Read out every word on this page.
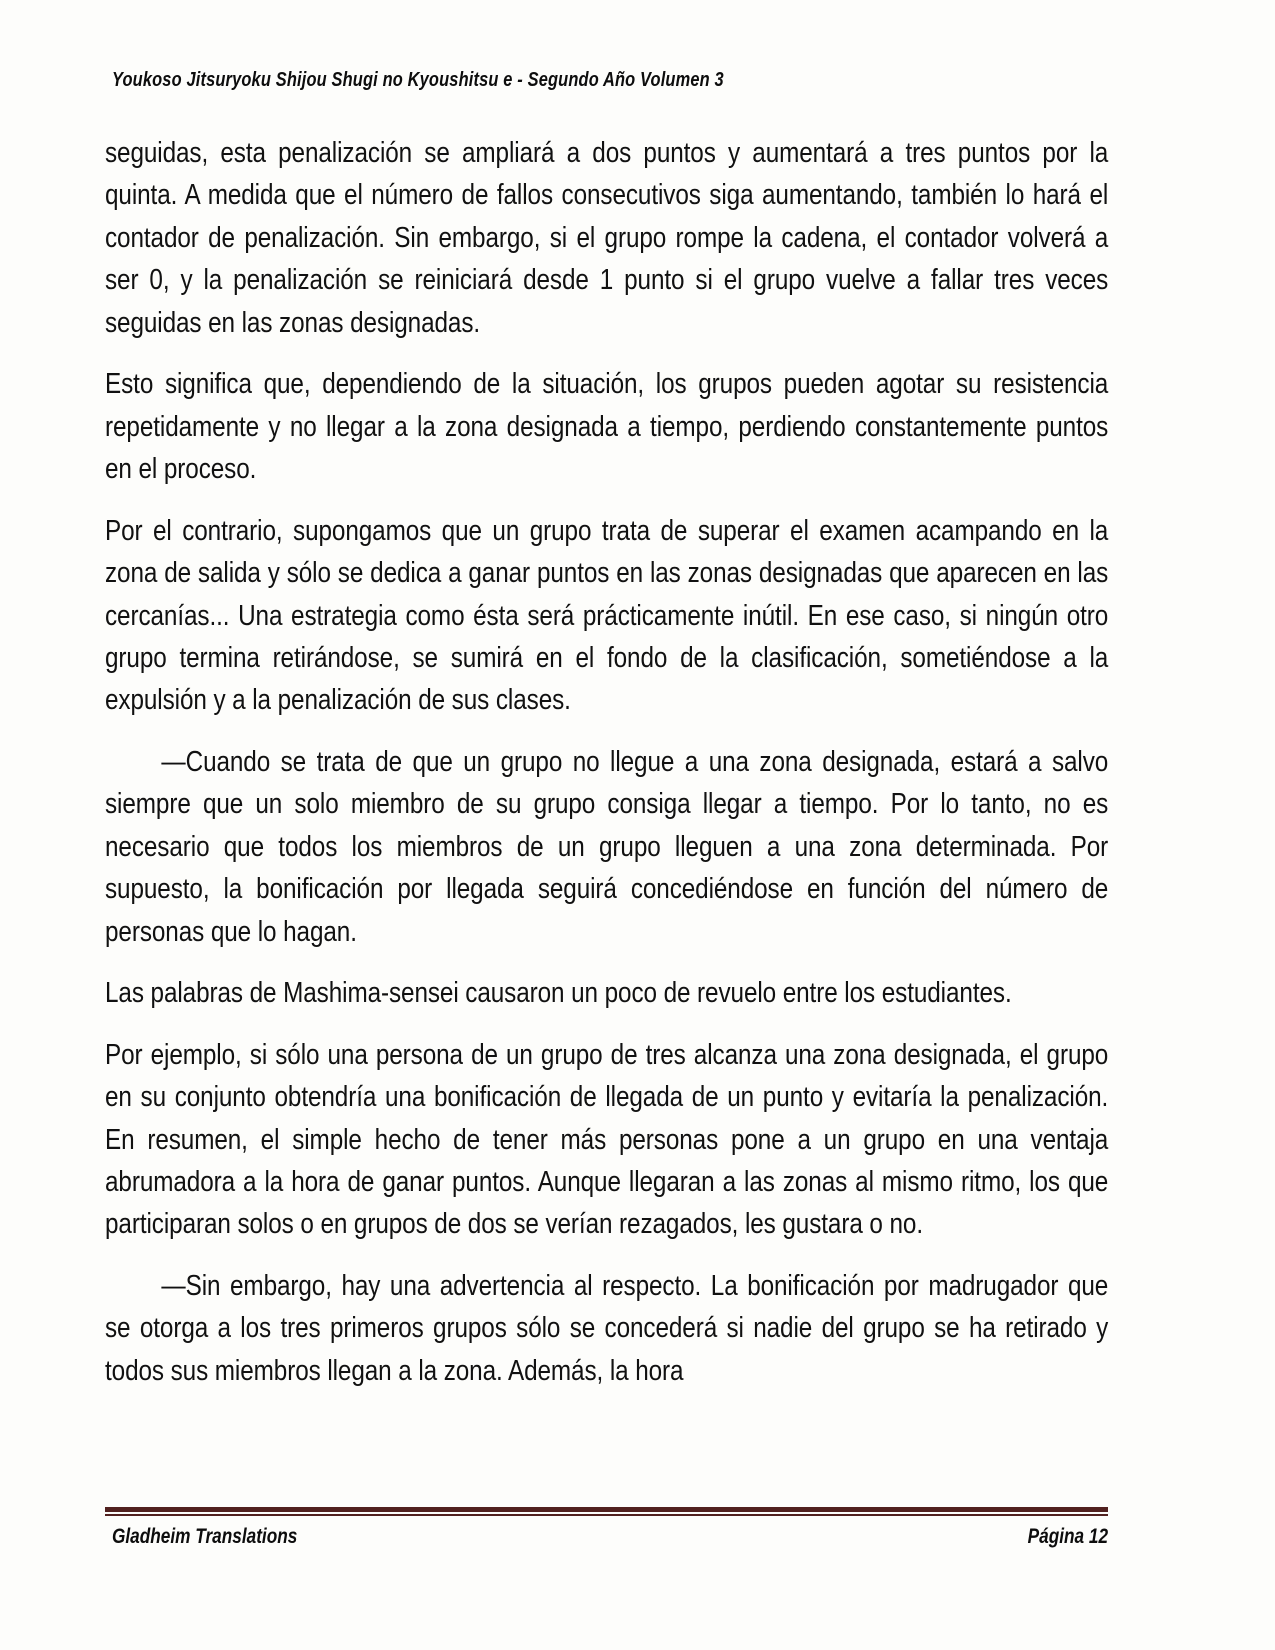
Youkoso Jitsuryoku Shijou Shugi no Kyoushitsu e - Segundo Año Volumen 3

seguidas, esta penalización se ampliará a dos puntos y aumentará a tres puntos por la quinta. A medida que el número de fallos consecutivos siga aumentando, también lo hará el contador de penalización. Sin embargo, si el grupo rompe la cadena, el contador volverá a ser 0, y la penalización se reiniciará desde 1 punto si el grupo vuelve a fallar tres veces seguidas en las zonas designadas.

Esto significa que, dependiendo de la situación, los grupos pueden agotar su resistencia repetidamente y no llegar a la zona designada a tiempo, perdiendo constantemente puntos en el proceso.

Por el contrario, supongamos que un grupo trata de superar el examen acampando en la zona de salida y sólo se dedica a ganar puntos en las zonas designadas que aparecen en las cercanías... Una estrategia como ésta será prácticamente inútil. En ese caso, si ningún otro grupo termina retirándose, se sumirá en el fondo de la clasificación, sometiéndose a la expulsión y a la penalización de sus clases.

—Cuando se trata de que un grupo no llegue a una zona designada, estará a salvo siempre que un solo miembro de su grupo consiga llegar a tiempo. Por lo tanto, no es necesario que todos los miembros de un grupo lleguen a una zona determinada. Por supuesto, la bonificación por llegada seguirá concediéndose en función del número de personas que lo hagan.

Las palabras de Mashima-sensei causaron un poco de revuelo entre los estudiantes.

Por ejemplo, si sólo una persona de un grupo de tres alcanza una zona designada, el grupo en su conjunto obtendría una bonificación de llegada de un punto y evitaría la penalización. En resumen, el simple hecho de tener más personas pone a un grupo en una ventaja abrumadora a la hora de ganar puntos. Aunque llegaran a las zonas al mismo ritmo, los que participaran solos o en grupos de dos se verían rezagados, les gustara o no.

—Sin embargo, hay una advertencia al respecto. La bonificación por madrugador que se otorga a los tres primeros grupos sólo se concederá si nadie del grupo se ha retirado y todos sus miembros llegan a la zona. Además, la hora

Gladheim Translations	Página 12
